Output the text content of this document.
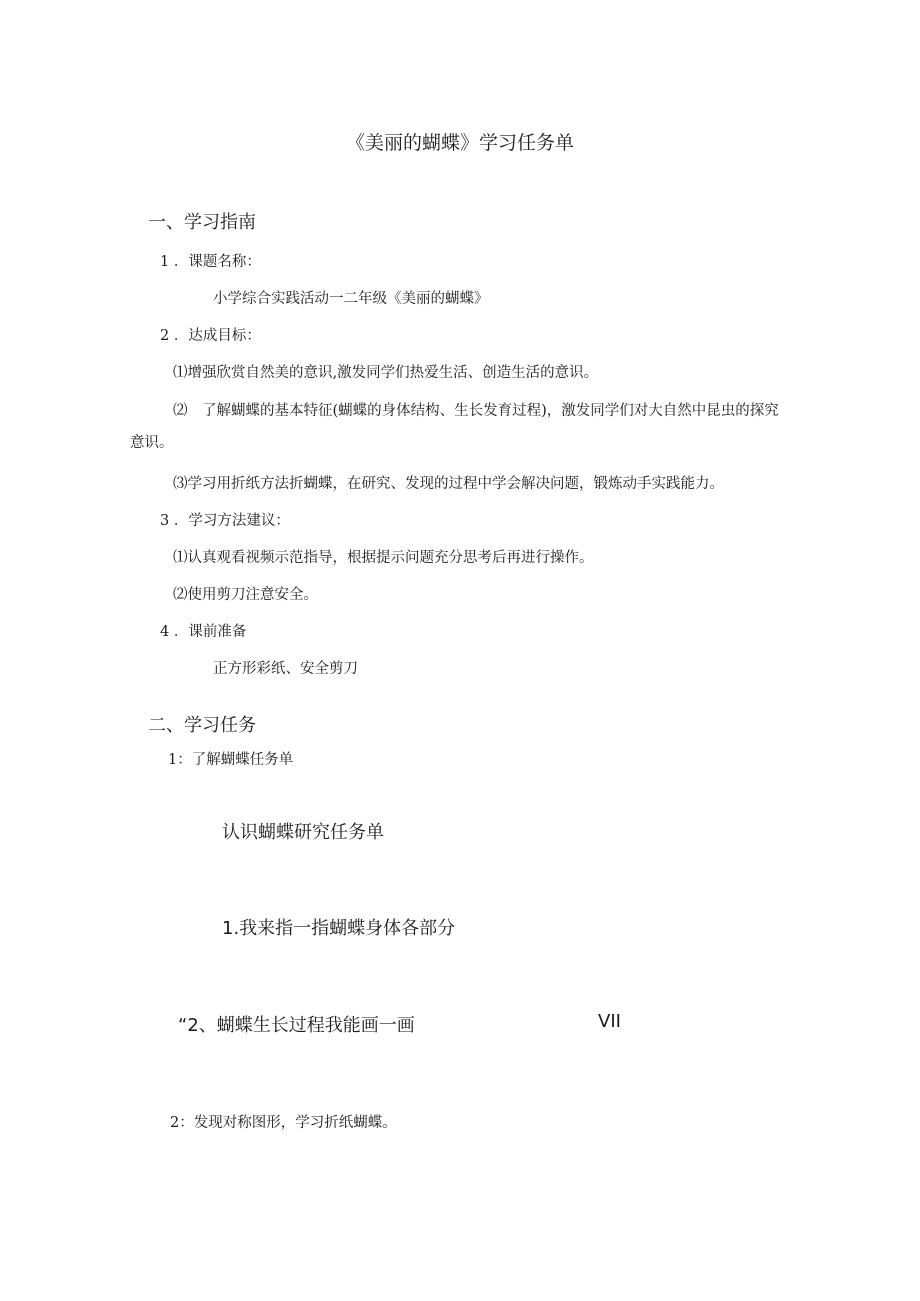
《美丽的蝴蝶》学习任务单
一、学习指南
1 ．课题名称：
小学综合实践活动一二年级《美丽的蝴蝶》
2 ．达成目标：
⑴增强欣赏自然美的意识,激发同学们热爱生活、创造生活的意识。
⑵　了解蝴蝶的基本特征(蝴蝶的身体结构、生长发育过程)，激发同学们对大自然中昆虫的探究意识。
⑶学习用折纸方法折蝴蝶，在研究、发现的过程中学会解决问题，锻炼动手实践能力。
3 ．学习方法建议：
⑴认真观看视频示范指导，根据提示问题充分思考后再进行操作。
⑵使用剪刀注意安全。
4 ．课前准备
正方形彩纸、安全剪刀
二、学习任务
1：了解蝴蝶任务单
认识蝴蝶研究任务单
1.我来指一指蝴蝶身体各部分
“2、蝴蝶生长过程我能画一画	VII
2：发现对称图形，学习折纸蝴蝶。
